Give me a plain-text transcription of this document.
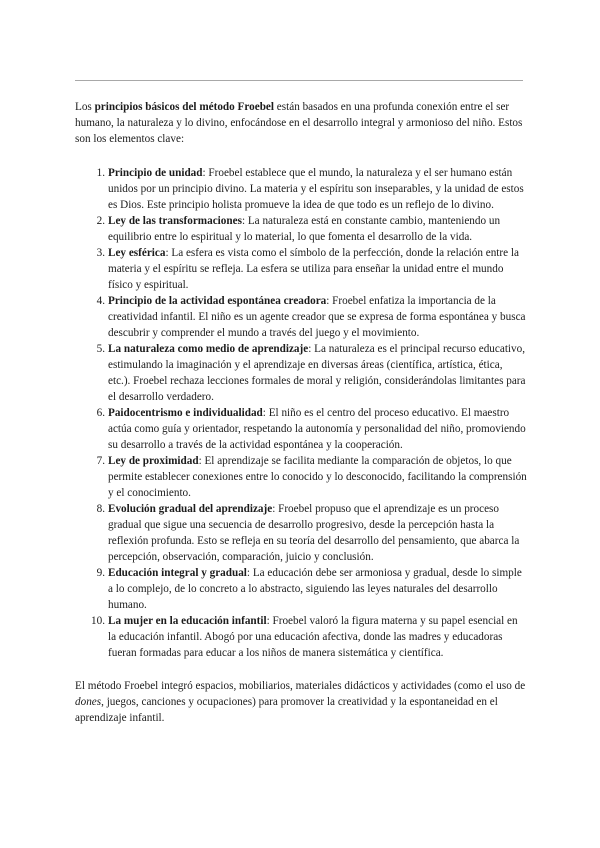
Los principios básicos del método Froebel están basados en una profunda conexión entre el ser humano, la naturaleza y lo divino, enfocándose en el desarrollo integral y armonioso del niño. Estos son los elementos clave:

1. Principio de unidad: Froebel establece que el mundo, la naturaleza y el ser humano están unidos por un principio divino. La materia y el espíritu son inseparables, y la unidad de estos es Dios. Este principio holista promueve la idea de que todo es un reflejo de lo divino.
2. Ley de las transformaciones: La naturaleza está en constante cambio, manteniendo un equilibrio entre lo espiritual y lo material, lo que fomenta el desarrollo de la vida.
3. Ley esférica: La esfera es vista como el símbolo de la perfección, donde la relación entre la materia y el espíritu se refleja. La esfera se utiliza para enseñar la unidad entre el mundo físico y espiritual.
4. Principio de la actividad espontánea creadora: Froebel enfatiza la importancia de la creatividad infantil. El niño es un agente creador que se expresa de forma espontánea y busca descubrir y comprender el mundo a través del juego y el movimiento.
5. La naturaleza como medio de aprendizaje: La naturaleza es el principal recurso educativo, estimulando la imaginación y el aprendizaje en diversas áreas (científica, artística, ética, etc.). Froebel rechaza lecciones formales de moral y religión, considerándolas limitantes para el desarrollo verdadero.
6. Paidocentrismo e individualidad: El niño es el centro del proceso educativo. El maestro actúa como guía y orientador, respetando la autonomía y personalidad del niño, promoviendo su desarrollo a través de la actividad espontánea y la cooperación.
7. Ley de proximidad: El aprendizaje se facilita mediante la comparación de objetos, lo que permite establecer conexiones entre lo conocido y lo desconocido, facilitando la comprensión y el conocimiento.
8. Evolución gradual del aprendizaje: Froebel propuso que el aprendizaje es un proceso gradual que sigue una secuencia de desarrollo progresivo, desde la percepción hasta la reflexión profunda. Esto se refleja en su teoría del desarrollo del pensamiento, que abarca la percepción, observación, comparación, juicio y conclusión.
9. Educación integral y gradual: La educación debe ser armoniosa y gradual, desde lo simple a lo complejo, de lo concreto a lo abstracto, siguiendo las leyes naturales del desarrollo humano.
10. La mujer en la educación infantil: Froebel valoró la figura materna y su papel esencial en la educación infantil. Abogó por una educación afectiva, donde las madres y educadoras fueran formadas para educar a los niños de manera sistemática y científica.

El método Froebel integró espacios, mobiliarios, materiales didácticos y actividades (como el uso de dones, juegos, canciones y ocupaciones) para promover la creatividad y la espontaneidad en el aprendizaje infantil.
